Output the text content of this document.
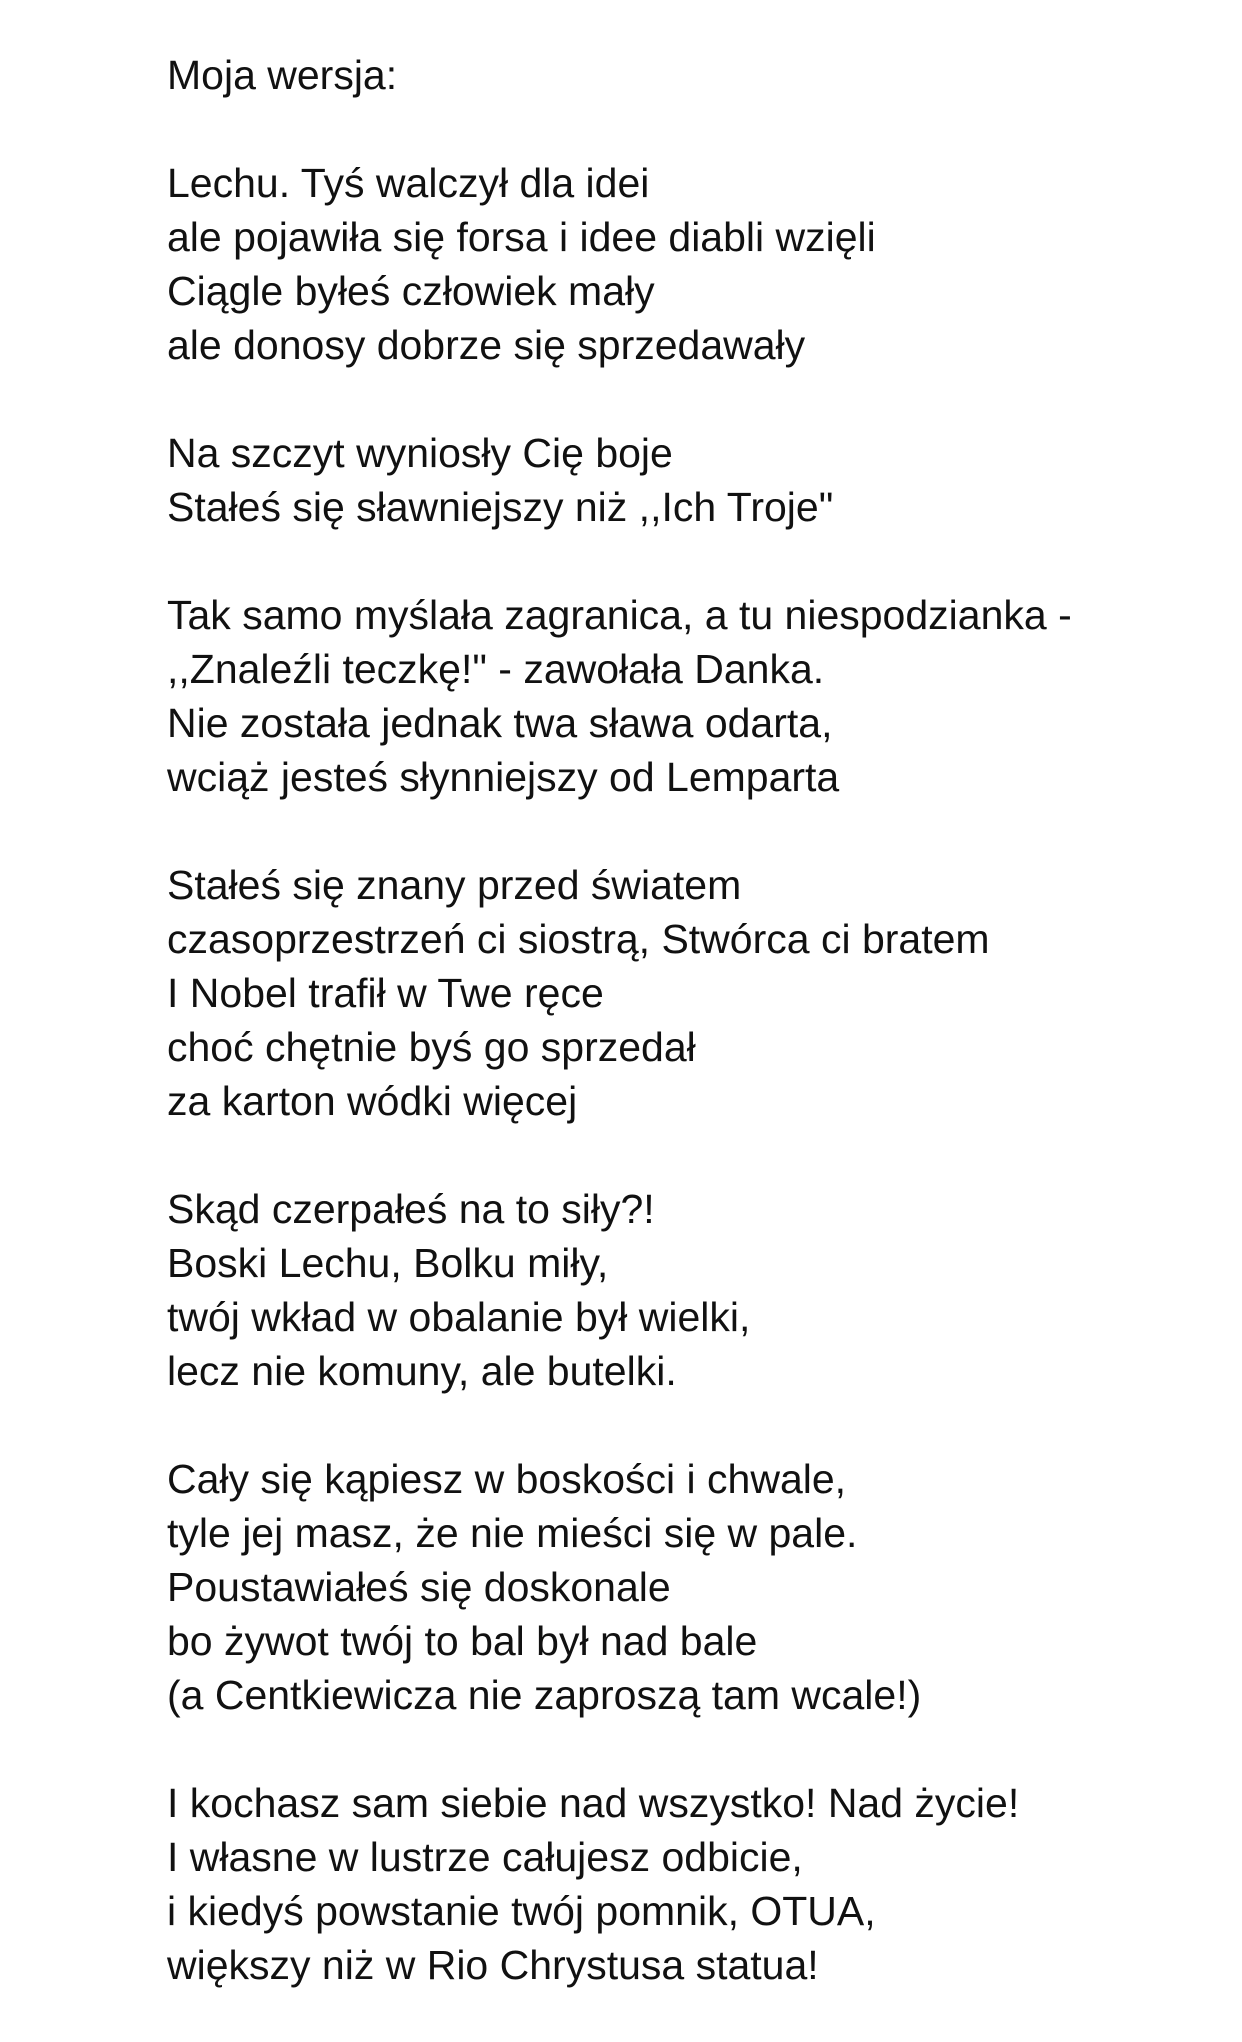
Moja wersja:
Lechu. Tyś walczył dla idei
ale pojawiła się forsa i idee diabli wzięli
Ciągle byłeś człowiek mały
ale donosy dobrze się sprzedawały
Na szczyt wyniosły Cię boje
Stałeś się sławniejszy niż ,,Ich Troje"
Tak samo myślała zagranica, a tu niespodzianka -
,,Znaleźli teczkę!" - zawołała Danka.
Nie została jednak twa sława odarta,
wciąż jesteś słynniejszy od Lemparta
Stałeś się znany przed światem
czasoprzestrzeń ci siostrą, Stwórca ci bratem
I Nobel trafił w Twe ręce
choć chętnie byś go sprzedał
za karton wódki więcej
Skąd czerpałeś na to siły?!
Boski Lechu, Bolku miły,
twój wkład w obalanie był wielki,
lecz nie komuny, ale butelki.
Cały się kąpiesz w boskości i chwale,
tyle jej masz, że nie mieści się w pale.
Poustawiałeś się doskonale
bo żywot twój to bal był nad bale
(a Centkiewicza nie zaproszą tam wcale!)
I kochasz sam siebie nad wszystko! Nad życie!
I własne w lustrze całujesz odbicie,
i kiedyś powstanie twój pomnik, OTUA,
większy niż w Rio Chrystusa statua!
